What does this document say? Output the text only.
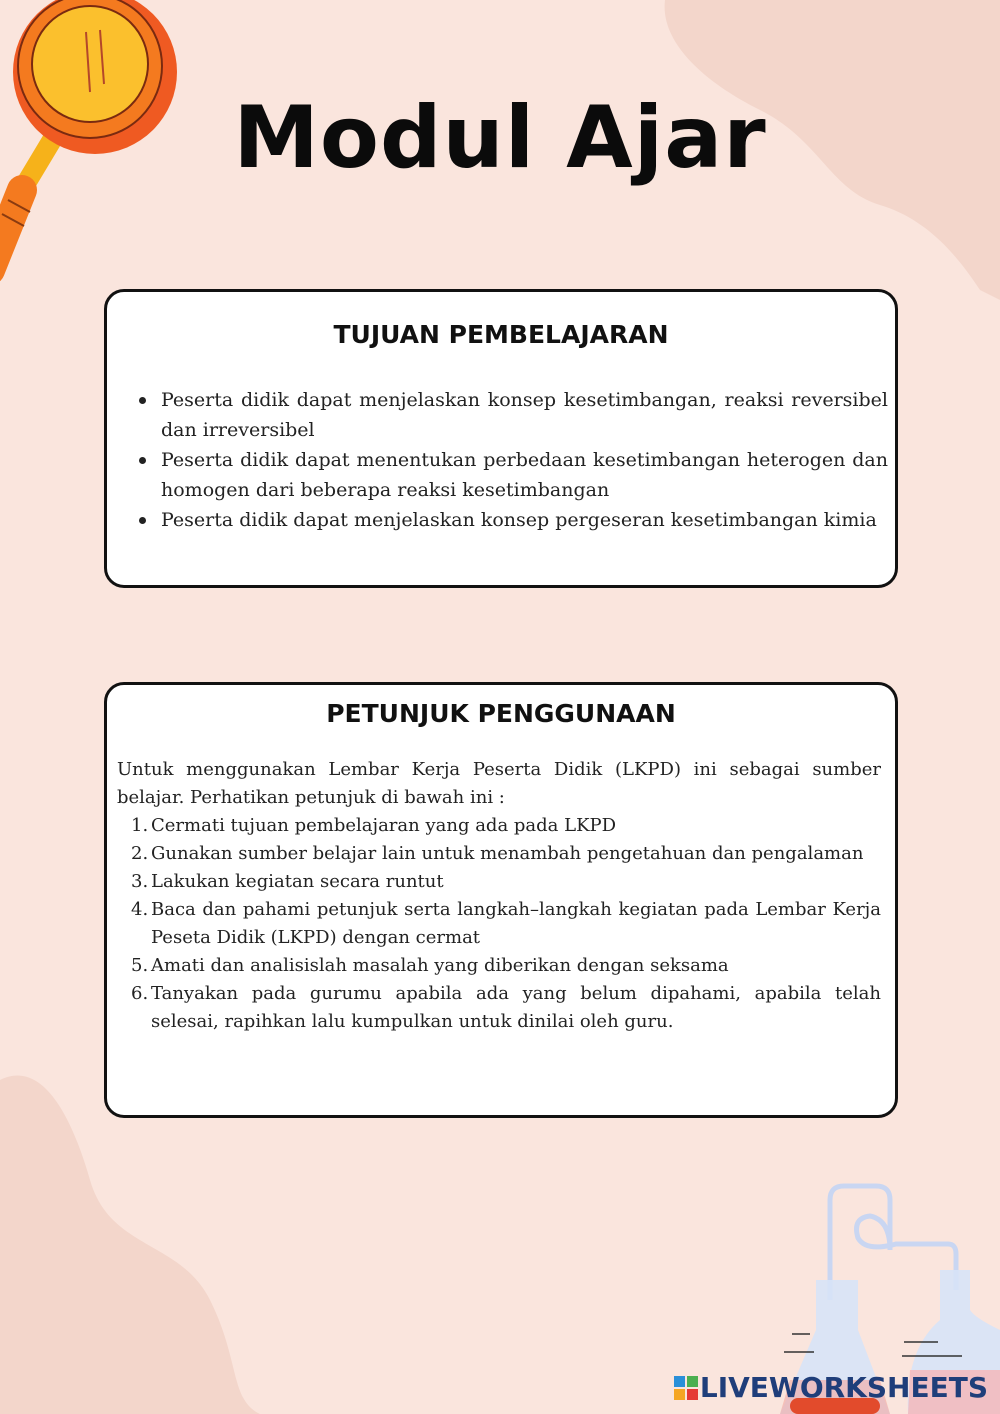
Modul Ajar
TUJUAN PEMBELAJARAN
Peserta didik dapat menjelaskan konsep kesetimbangan, reaksi reversibel dan irreversibel
Peserta didik dapat menentukan perbedaan kesetimbangan heterogen dan homogen dari beberapa reaksi kesetimbangan
Peserta didik dapat menjelaskan konsep pergeseran kesetimbangan kimia
PETUNJUK PENGGUNAAN

Untuk menggunakan Lembar Kerja Peserta Didik (LKPD) ini sebagai sumber belajar. Perhatikan petunjuk di bawah ini :

1. Cermati tujuan pembelajaran yang ada pada LKPD
2. Gunakan sumber belajar lain untuk menambah pengetahuan dan pengalaman
3. Lakukan kegiatan secara runtut
4. Baca dan pahami petunjuk serta langkah–langkah kegiatan pada Lembar Kerja Peseta Didik (LKPD) dengan cermat
5. Amati dan analisislah masalah yang diberikan dengan seksama
6. Tanyakan pada gurumu apabila ada yang belum dipahami, apabila telah selesai, rapihkan lalu kumpulkan untuk dinilai oleh guru.
LIVEWORKSHEETS
